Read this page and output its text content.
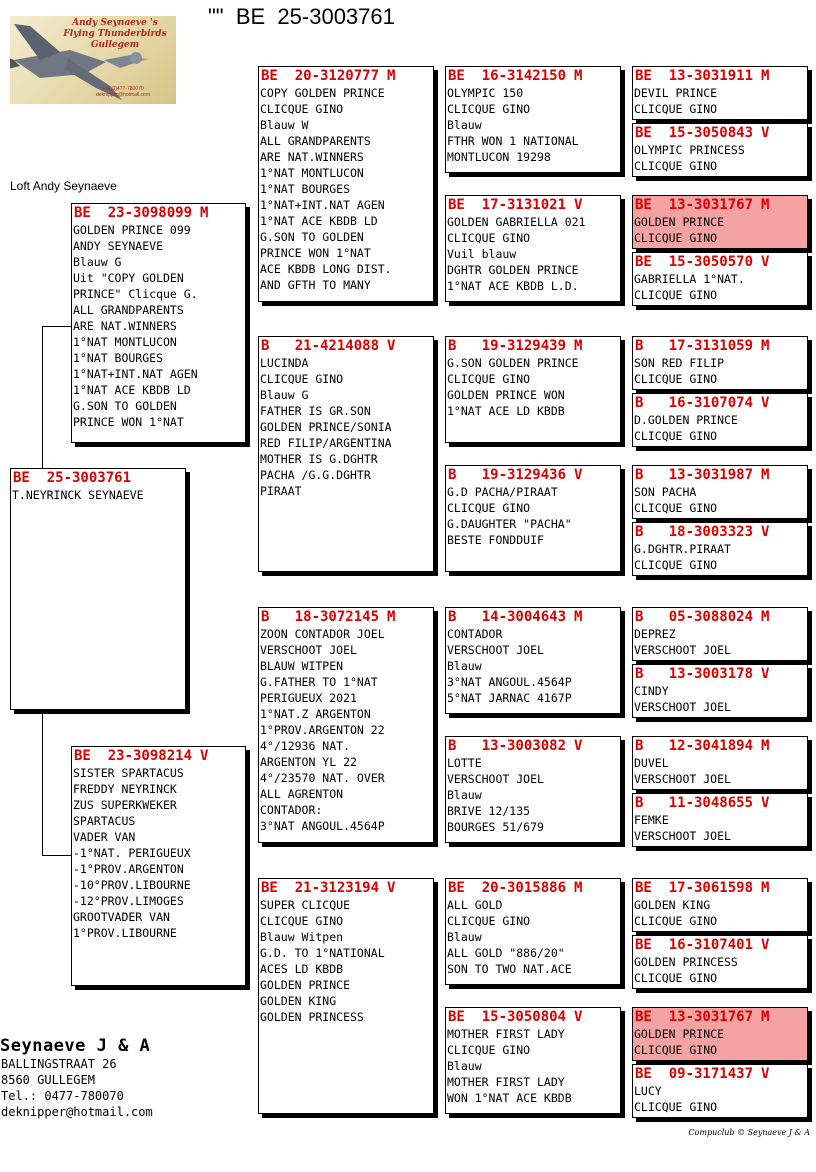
Andy Seynaeve 's
Flying Thunderbirds
Gullegem
+32(0)477-780070
deknipper@hotmail.com
"" BE  25-3003761
Loft Andy Seynaeve
BE  25-3003761
T.NEYRINCK SEYNAEVE
BE  23-3098099 M
GOLDEN PRINCE 099
ANDY SEYNAEVE
Blauw G
Uit "COPY GOLDEN
PRINCE" Clicque G.
ALL GRANDPARENTS
ARE NAT.WINNERS
1°NAT MONTLUCON
1°NAT BOURGES
1°NAT+INT.NAT AGEN
1°NAT ACE KBDB LD
G.SON TO GOLDEN
PRINCE WON 1°NAT
BE  23-3098214 V
SISTER SPARTACUS
FREDDY NEYRINCK
ZUS SUPERKWEKER
SPARTACUS
VADER VAN
-1°NAT. PERIGUEUX
-1°PROV.ARGENTON
-10°PROV.LIBOURNE
-12°PROV.LIMOGES
GROOTVADER VAN
1°PROV.LIBOURNE
BE  20-3120777 M
COPY GOLDEN PRINCE
CLICQUE GINO
Blauw W
ALL GRANDPARENTS
ARE NAT.WINNERS
1°NAT MONTLUCON
1°NAT BOURGES
1°NAT+INT.NAT AGEN
1°NAT ACE KBDB LD
G.SON TO GOLDEN
PRINCE WON 1°NAT
ACE KBDB LONG DIST.
AND GFTH TO MANY
B   21-4214088 V
LUCINDA
CLICQUE GINO
Blauw G
FATHER IS GR.SON
GOLDEN PRINCE/SONIA
RED FILIP/ARGENTINA
MOTHER IS G.DGHTR
PACHA /G.G.DGHTR
PIRAAT
B   18-3072145 M
ZOON CONTADOR JOEL
VERSCHOOT JOEL
BLAUW WITPEN
G.FATHER TO 1°NAT
PERIGUEUX 2021
1°NAT.Z ARGENTON
1°PROV.ARGENTON 22
4°/12936 NAT.
ARGENTON YL 22
4°/23570 NAT. OVER
ALL AGRENTON
CONTADOR:
3°NAT ANGOUL.4564P
BE  21-3123194 V
SUPER CLICQUE
CLICQUE GINO
Blauw Witpen
G.D. TO 1°NATIONAL
ACES LD KBDB
GOLDEN PRINCE
GOLDEN KING
GOLDEN PRINCESS
BE  16-3142150 M
OLYMPIC 150
CLICQUE GINO
Blauw
FTHR WON 1 NATIONAL
MONTLUCON 19298
BE  17-3131021 V
GOLDEN GABRIELLA 021
CLICQUE GINO
Vuil blauw
DGHTR GOLDEN PRINCE
1°NAT ACE KBDB L.D.
B   19-3129439 M
G.SON GOLDEN PRINCE
CLICQUE GINO
GOLDEN PRINCE WON
1°NAT ACE LD KBDB
B   19-3129436 V
G.D PACHA/PIRAAT
CLICQUE GINO
G.DAUGHTER "PACHA"
BESTE FONDDUIF
B   14-3004643 M
CONTADOR
VERSCHOOT JOEL
Blauw
3°NAT ANGOUL.4564P
5°NAT JARNAC 4167P
B   13-3003082 V
LOTTE
VERSCHOOT JOEL
Blauw
BRIVE 12/135
BOURGES 51/679
BE  20-3015886 M
ALL GOLD
CLICQUE GINO
Blauw
ALL GOLD "886/20"
SON TO TWO NAT.ACE
BE  15-3050804 V
MOTHER FIRST LADY
CLICQUE GINO
Blauw
MOTHER FIRST LADY
WON 1°NAT ACE KBDB
BE  13-3031911 M
DEVIL PRINCE
CLICQUE GINO
BE  15-3050843 V
OLYMPIC PRINCESS
CLICQUE GINO
BE  13-3031767 M
GOLDEN PRINCE
CLICQUE GINO
BE  15-3050570 V
GABRIELLA 1°NAT.
CLICQUE GINO
B   17-3131059 M
SON RED FILIP
CLICQUE GINO
B   16-3107074 V
D.GOLDEN PRINCE
CLICQUE GINO
B   13-3031987 M
SON PACHA
CLICQUE GINO
B   18-3003323 V
G.DGHTR.PIRAAT
CLICQUE GINO
B   05-3088024 M
DEPREZ
VERSCHOOT JOEL
B   13-3003178 V
CINDY
VERSCHOOT JOEL
B   12-3041894 M
DUVEL
VERSCHOOT JOEL
B   11-3048655 V
FEMKE
VERSCHOOT JOEL
BE  17-3061598 M
GOLDEN KING
CLICQUE GINO
BE  16-3107401 V
GOLDEN PRINCESS
CLICQUE GINO
BE  13-3031767 M
GOLDEN PRINCE
CLICQUE GINO
BE  09-3171437 V
LUCY
CLICQUE GINO
Seynaeve J & A
BALLINGSTRAAT 26
8560 GULLEGEM
Tel.: 0477-780070
deknipper@hotmail.com
Compuclub © Seynaeve J & A
